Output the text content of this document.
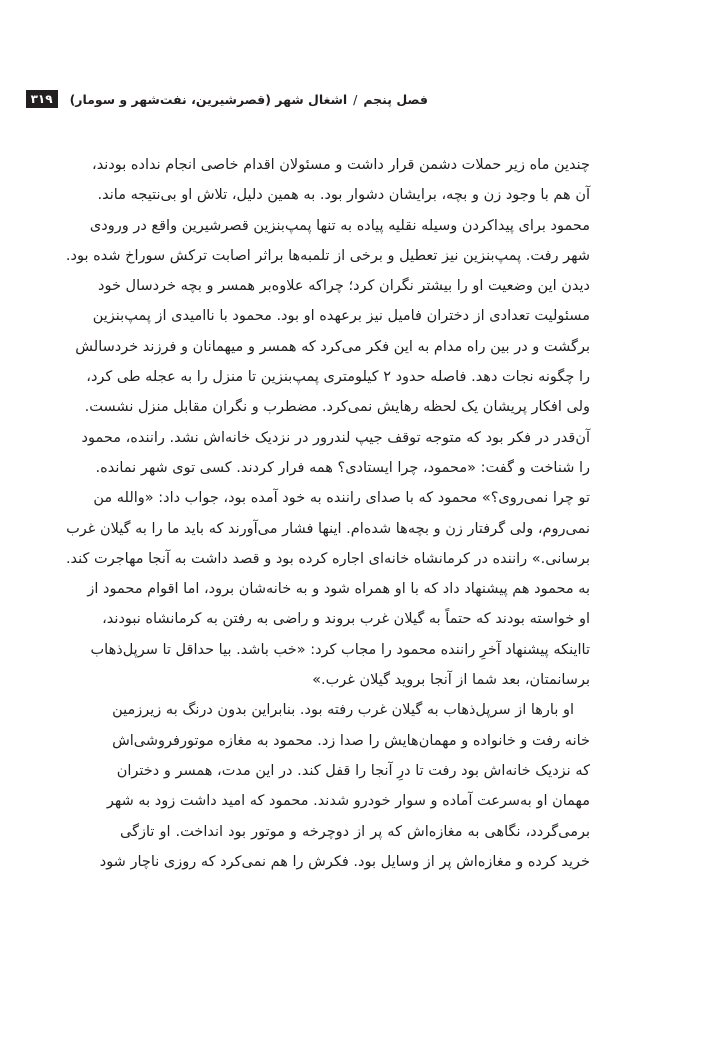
فصل پنجم
/
اشغال شهر (قصرشیرین، نفت‌شهر و سومار)
۳۱۹
چندین ماه زیر حملات دشمن قرار داشت و مسئولان اقدام خاصی انجام نداده بودند،
آن هم با وجود زن و بچه، برایشان دشوار بود. به همین دلیل، تلاش او بی‌نتیجه ماند.
محمود برای پیداکردن وسیله نقلیه پیاده به تنها پمپ‌بنزین قصرشیرین واقع در ورودی
شهر رفت. پمپ‌بنزین نیز تعطیل و برخی از تلمبه‌ها براثر اصابت ترکش سوراخ شده بود.
دیدن این وضعیت او را بیشتر نگران کرد؛ چراکه علاوه‌بر همسر و بچه خردسال خود
مسئولیت تعدادی از دختران فامیل نیز برعهده او بود. محمود با ناامیدی از پمپ‌بنزین
برگشت و در بین راه مدام به این فکر می‌کرد که همسر و میهمانان و فرزند خردسالش
را چگونه نجات دهد. فاصله حدود ۲ کیلومتری پمپ‌بنزین تا منزل را به عجله طی کرد،
ولی افکار پریشان یک لحظه رهایش نمی‌کرد. مضطرب و نگران مقابل منزل نشست.
آن‌قدر در فکر بود که متوجه توقف جیپ لندرور در نزدیک خانه‌اش نشد. راننده، محمود
را شناخت و گفت: «محمود، چرا ایستادی؟ همه فرار کردند. کسی توی شهر نمانده.
تو چرا نمی‌روی؟» محمود که با صدای راننده به خود آمده بود، جواب داد: «والله من
نمی‌روم، ولی گرفتار زن و بچه‌ها شده‌ام. اینها فشار می‌آورند که باید ما را به گیلان غرب
برسانی.» راننده در کرمانشاه خانه‌ای اجاره کرده بود و قصد داشت به آنجا مهاجرت کند.
به محمود هم پیشنهاد داد که با او همراه شود و به خانه‌شان برود، اما اقوام محمود از
او خواسته بودند که حتماً به گیلان غرب بروند و راضی به رفتن به کرمانشاه نبودند،
تااینکه پیشنهاد آخرِ راننده محمود را مجاب کرد: «خب باشد. بیا حداقل تا سرپل‌ذهاب
برسانمتان، بعد شما از آنجا بروید گیلان غرب.»
او بارها از سرپل‌ذهاب به گیلان غرب رفته بود. بنابراین بدون درنگ به زیرزمین
خانه رفت و خانواده و مهمان‌هایش را صدا زد. محمود به مغازه موتورفروشی‌اش
که نزدیک خانه‌اش بود رفت تا درِ آنجا را قفل کند. در این مدت، همسر و دختران
مهمان او به‌سرعت آماده و سوار خودرو شدند. محمود که امید داشت زود به شهر
برمی‌گردد، نگاهی به مغازه‌اش که پر از دوچرخه و موتور بود انداخت. او تازگی
خرید کرده و مغازه‌اش پر از وسایل بود. فکرش را هم نمی‌کرد که روزی ناچار شود
